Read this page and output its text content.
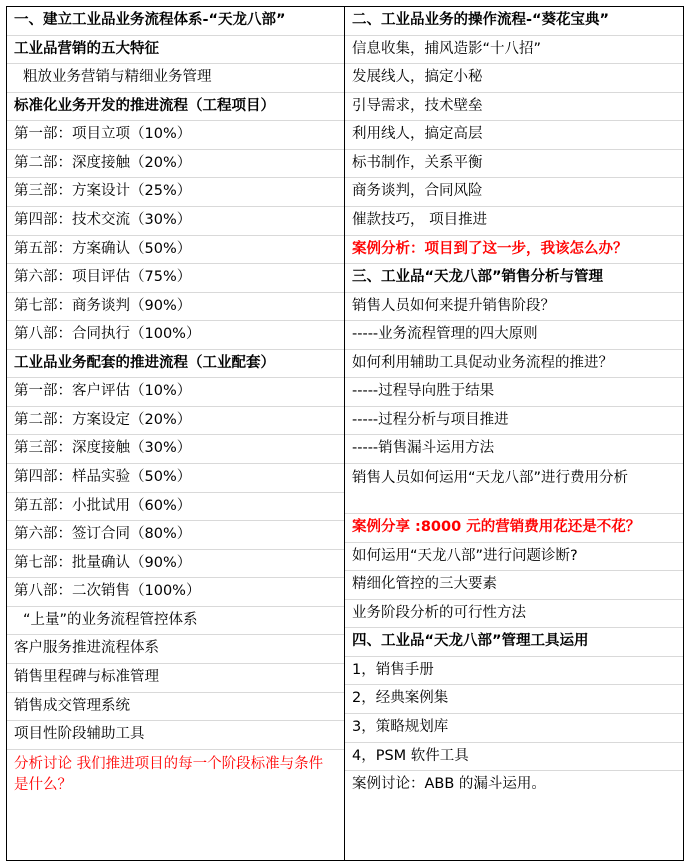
一、建立工业品业务流程体系-“天龙八部”
工业品营销的五大特征
粗放业务营销与精细业务管理
标准化业务开发的推进流程（工程项目）
第一部：项目立项（10%）
第二部：深度接触（20%）
第三部：方案设计（25%）
第四部：技术交流（30%）
第五部：方案确认（50%）
第六部：项目评估（75%）
第七部：商务谈判（90%）
第八部：合同执行（100%）
工业品业务配套的推进流程（工业配套）
第一部：客户评估（10%）
第二部：方案设定（20%）
第三部：深度接触（30%）
第四部：样品实验（50%）
第五部：小批试用（60%）
第六部：签订合同（80%）
第七部：批量确认（90%）
第八部：二次销售（100%）
“上量”的业务流程管控体系
客户服务推进流程体系
销售里程碑与标准管理
销售成交管理系统
项目性阶段辅助工具
分析讨论 我们推进项目的每一个阶段标准与条件是什么？
二、工业品业务的操作流程-“葵花宝典”
信息收集，捕风造影“十八招”
发展线人，搞定小秘
引导需求，技术壁垒
利用线人，搞定高层
标书制作，关系平衡
商务谈判，合同风险
催款技巧， 项目推进
案例分析：项目到了这一步，我该怎么办？
三、工业品“天龙八部”销售分析与管理
销售人员如何来提升销售阶段？
-----业务流程管理的四大原则
如何利用辅助工具促动业务流程的推进？
-----过程导向胜于结果
-----过程分析与项目推进
-----销售漏斗运用方法
销售人员如何运用“天龙八部”进行费用分析
案例分享 :8000 元的营销费用花还是不花？
如何运用“天龙八部”进行问题诊断?
精细化管控的三大要素
业务阶段分析的可行性方法
四、工业品“天龙八部”管理工具运用
1，销售手册
2，经典案例集
3，策略规划库
4，PSM 软件工具
案例讨论：ABB 的漏斗运用。
